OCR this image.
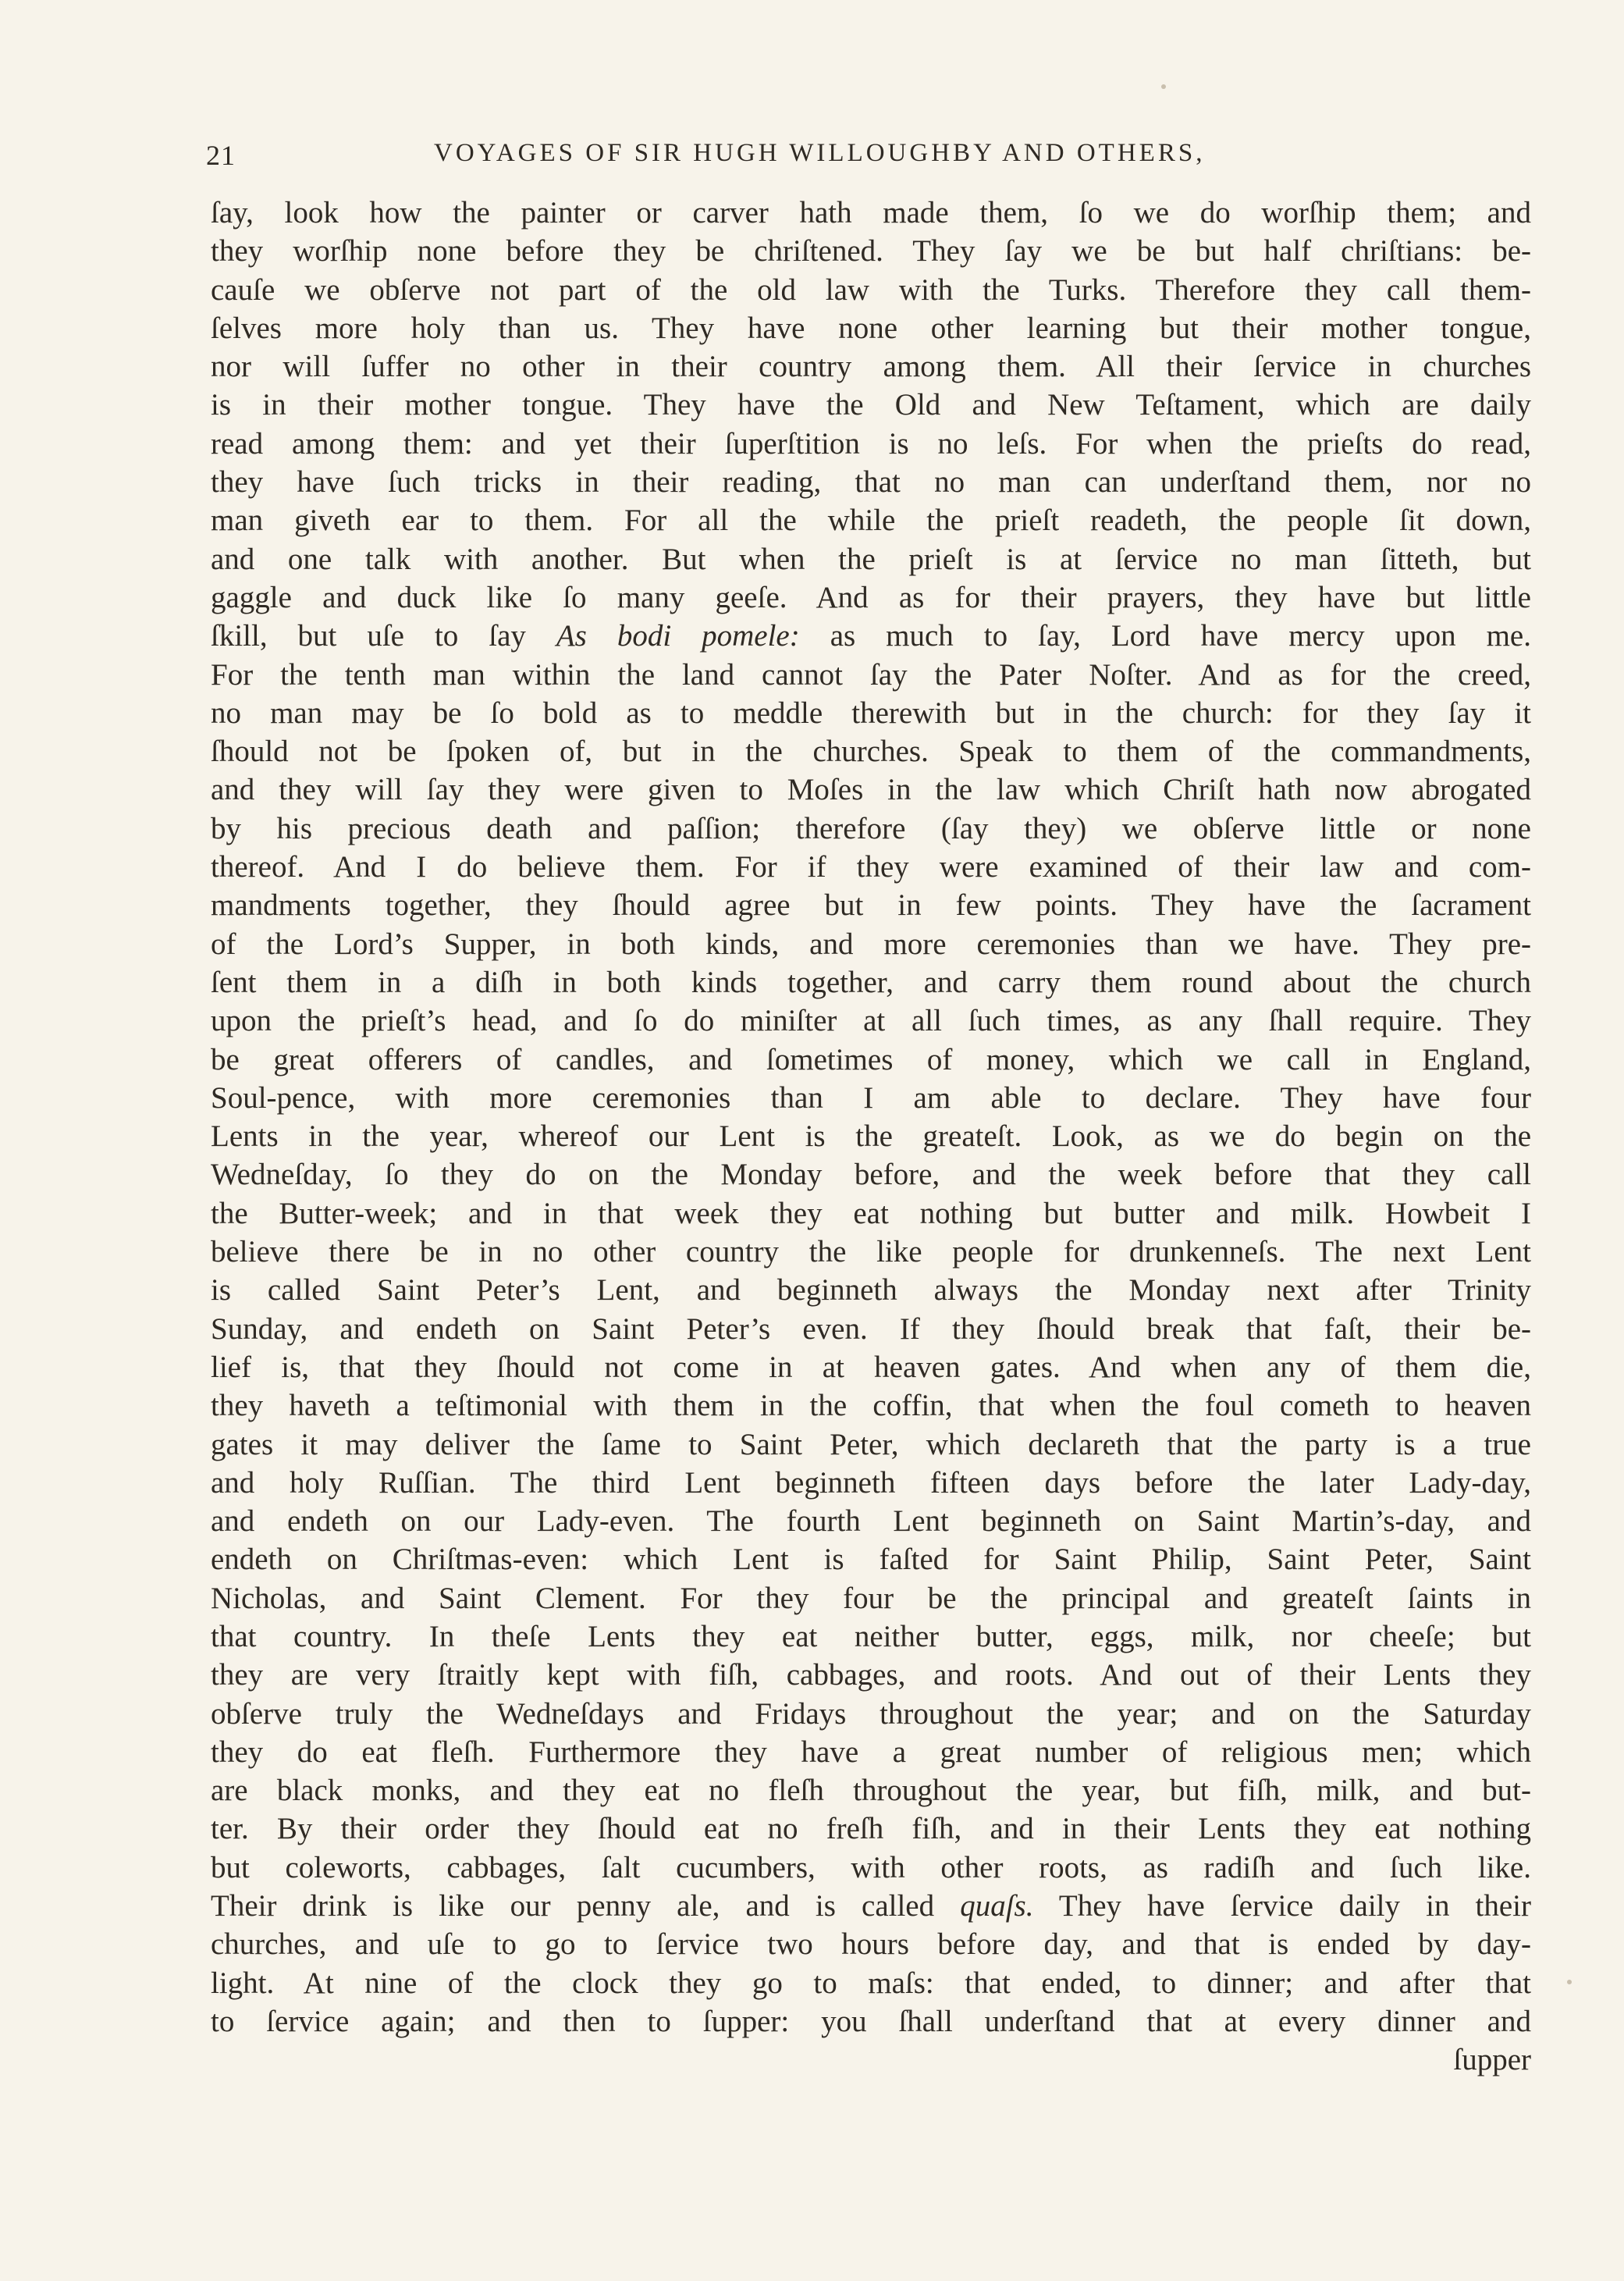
21	VOYAGES OF SIR HUGH WILLOUGHBY AND OTHERS,
ſay, look how the painter or carver hath made them, ſo we do worſhip them; and
they worſhip none before they be chriſtened. They ſay we be but half chriſtians: be-
cauſe we obſerve not part of the old law with the Turks. Therefore they call them-
ſelves more holy than us. They have none other learning but their mother tongue,
nor will ſuffer no other in their country among them. All their ſervice in churches
is in their mother tongue. They have the Old and New Teſtament, which are daily
read among them: and yet their ſuperſtition is no leſs. For when the prieſts do read,
they have ſuch tricks in their reading, that no man can underſtand them, nor no
man giveth ear to them. For all the while the prieſt readeth, the people ſit down,
and one talk with another. But when the prieſt is at ſervice no man ſitteth, but
gaggle and duck like ſo many geeſe. And as for their prayers, they have but little
ſkill, but uſe to ſay As bodi pomele: as much to ſay, Lord have mercy upon me.
For the tenth man within the land cannot ſay the Pater Noſter. And as for the creed,
no man may be ſo bold as to meddle therewith but in the church: for they ſay it
ſhould not be ſpoken of, but in the churches. Speak to them of the commandments,
and they will ſay they were given to Moſes in the law which Chriſt hath now abrogated
by his precious death and paſſion; therefore (ſay they) we obſerve little or none
thereof. And I do believe them. For if they were examined of their law and com-
mandments together, they ſhould agree but in few points. They have the ſacrament
of the Lord’s Supper, in both kinds, and more ceremonies than we have. They pre-
ſent them in a diſh in both kinds together, and carry them round about the church
upon the prieſt’s head, and ſo do miniſter at all ſuch times, as any ſhall require. They
be great offerers of candles, and ſometimes of money, which we call in England,
Soul-pence, with more ceremonies than I am able to declare. They have four
Lents in the year, whereof our Lent is the greateſt. Look, as we do begin on the
Wedneſday, ſo they do on the Monday before, and the week before that they call
the Butter-week; and in that week they eat nothing but butter and milk. Howbeit I
believe there be in no other country the like people for drunkenneſs. The next Lent
is called Saint Peter’s Lent, and beginneth always the Monday next after Trinity
Sunday, and endeth on Saint Peter’s even. If they ſhould break that faſt, their be-
lief is, that they ſhould not come in at heaven gates. And when any of them die,
they haveth a teſtimonial with them in the coffin, that when the foul cometh to heaven
gates it may deliver the ſame to Saint Peter, which declareth that the party is a true
and holy Ruſſian. The third Lent beginneth fifteen days before the later Lady-day,
and endeth on our Lady-even. The fourth Lent beginneth on Saint Martin’s-day, and
endeth on Chriſtmas-even: which Lent is faſted for Saint Philip, Saint Peter, Saint
Nicholas, and Saint Clement. For they four be the principal and greateſt ſaints in
that country. In theſe Lents they eat neither butter, eggs, milk, nor cheeſe; but
they are very ſtraitly kept with fiſh, cabbages, and roots. And out of their Lents they
obſerve truly the Wedneſdays and Fridays throughout the year; and on the Saturday
they do eat fleſh. Furthermore they have a great number of religious men; which
are black monks, and they eat no fleſh throughout the year, but fiſh, milk, and but-
ter. By their order they ſhould eat no freſh fiſh, and in their Lents they eat nothing
but coleworts, cabbages, ſalt cucumbers, with other roots, as radiſh and ſuch like.
Their drink is like our penny ale, and is called quaſs. They have ſervice daily in their
churches, and uſe to go to ſervice two hours before day, and that is ended by day-
light. At nine of the clock they go to maſs: that ended, to dinner; and after that
to ſervice again; and then to ſupper: you ſhall underſtand that at every dinner and
ſupper
